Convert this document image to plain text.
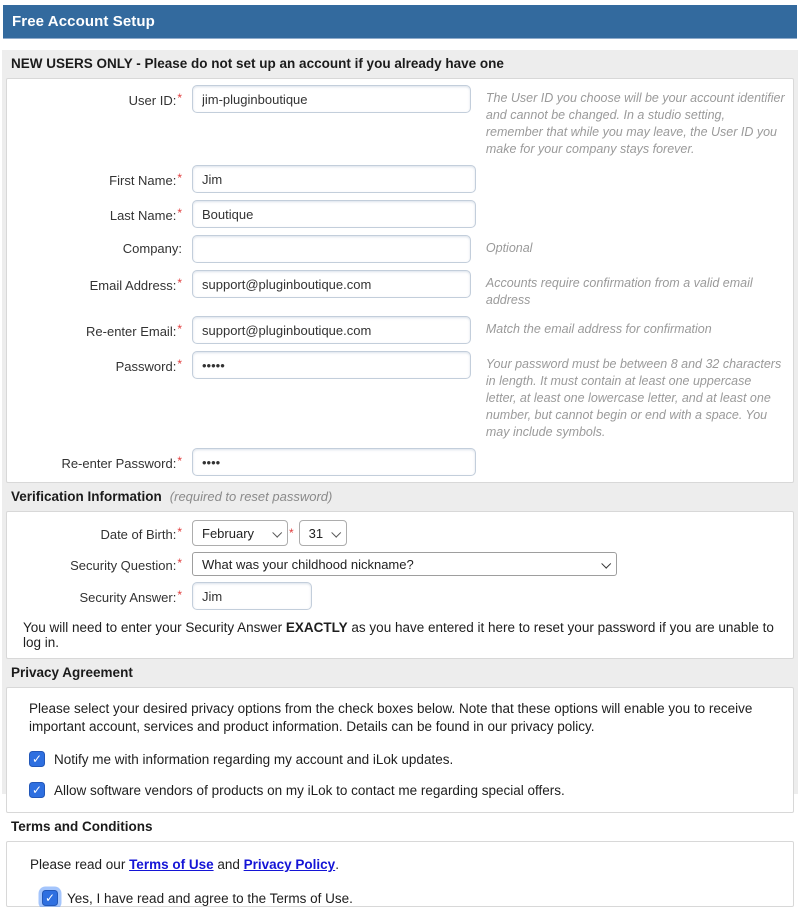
Free Account Setup
NEW USERS ONLY - Please do not set up an account if you already have one
User ID:*
jim-pluginboutique	The User ID you choose will be your account identifier and cannot be changed. In a studio setting, remember that while you may leave, the User ID you make for your company stays forever.
First Name:*
Jim
Last Name:*
Boutique
Company:	Optional
Email Address:*
support@pluginboutique.com	Accounts require confirmation from a valid email address
Re-enter Email:*
support@pluginboutique.com	Match the email address for confirmation
Password:*
•••••	Your password must be between 8 and 32 characters in length. It must contain at least one uppercase letter, at least one lowercase letter, and at least one number, but cannot begin or end with a space. You may include symbols.
Re-enter Password:*
••••
Verification Information (required to reset password)
Date of Birth:* February	* 31
Security Question:* What was your childhood nickname?
Security Answer:*
Jim
You will need to enter your Security Answer EXACTLY as you have entered it here to reset your password if you are unable to log in.
Privacy Agreement
Please select your desired privacy options from the check boxes below. Note that these options will enable you to receive important account, services and product information. Details can be found in our privacy policy.
✓ Notify me with information regarding my account and iLok updates.
✓ Allow software vendors of products on my iLok to contact me regarding special offers.
Terms and Conditions
Please read our Terms of Use and Privacy Policy.
✓ Yes, I have read and agree to the Terms of Use.
